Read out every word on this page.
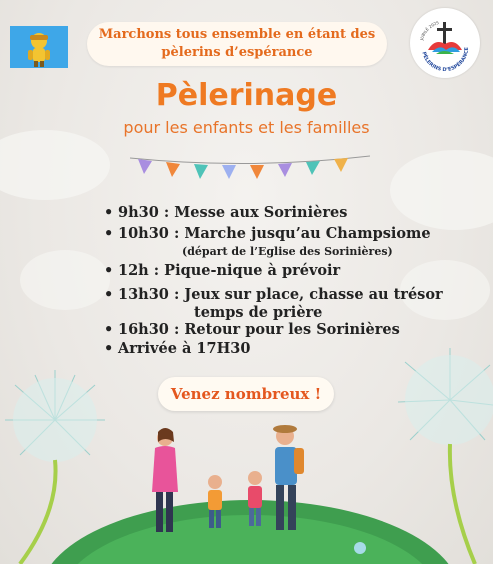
Marchons tous ensemble en étant des
pèlerins d’espérance
JUBILÉ 2025
PÈLERINS D’ESPÉRANCE
Pèlerinage
pour les enfants et les familles
• 9h30 : Messe aux Sorinières
• 10h30 : Marche jusqu’au Champsiome
(départ de l’Eglise des Sorinières)
• 12h : Pique-nique à prévoir
• 13h30 : Jeux sur place, chasse au trésor
temps de prière
• 16h30 : Retour pour les Sorinières
• Arrivée à 17H30
Venez nombreux !
